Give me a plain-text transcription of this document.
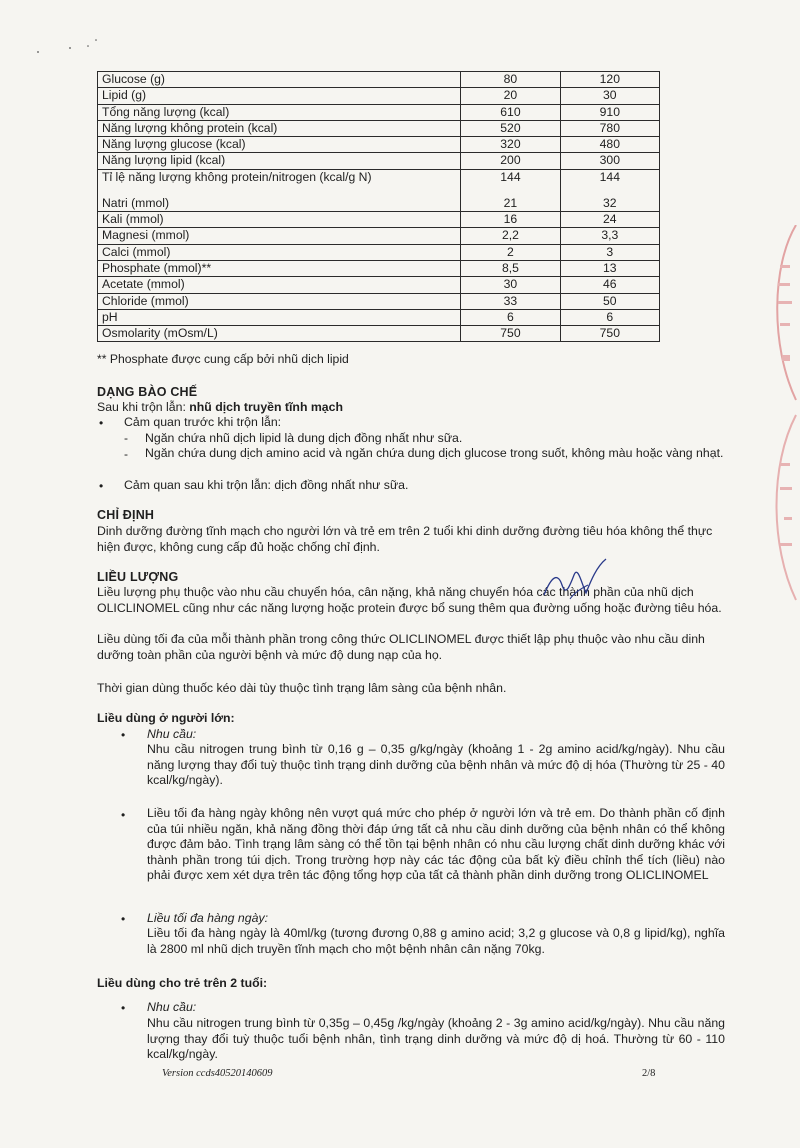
Glucose (g)	80	120
Lipid (g)	20	30
Tổng năng lượng (kcal)	610	910
Năng lượng không protein (kcal)	520	780
Năng lượng glucose (kcal)	320	480
Năng lượng lipid (kcal)	200	300
Tỉ lệ năng lượng không protein/nitrogen (kcal/g N)	144	144
Natri (mmol)	21	32
Kali (mmol)	16	24
Magnesi (mmol)	2,2	3,3
Calci (mmol)	2	3
Phosphate (mmol)**	8,5	13
Acetate (mmol)	30	46
Chloride (mmol)	33	50
pH	6	6
Osmolarity (mOsm/L)	750	750
** Phosphate được cung cấp bởi nhũ dịch lipid
DẠNG BÀO CHẾ
Sau khi trộn lẫn: nhũ dịch truyền tĩnh mạch
• Cảm quan trước khi trộn lẫn:
- Ngăn chứa nhũ dịch lipid là dung dịch đồng nhất như sữa.
- Ngăn chứa dung dịch amino acid và ngăn chứa dung dịch glucose trong suốt, không màu hoặc vàng nhạt.
• Cảm quan sau khi trộn lẫn: dịch đồng nhất như sữa.
CHỈ ĐỊNH
Dinh dưỡng đường tĩnh mạch cho người lớn và trẻ em trên 2 tuổi khi dinh dưỡng đường tiêu hóa không thể thực hiện được, không cung cấp đủ hoặc chống chỉ định.
LIỀU LƯỢNG
Liều lượng phụ thuộc vào nhu cầu chuyển hóa, cân nặng, khả năng chuyển hóa các thành phần của nhũ dịch OLICLINOMEL cũng như các năng lượng hoặc protein được bổ sung thêm qua đường uống hoặc đường tiêu hóa.
Liều dùng tối đa của mỗi thành phần trong công thức OLICLINOMEL được thiết lập phụ thuộc vào nhu cầu dinh dưỡng toàn phần của người bệnh và mức độ dung nạp của họ.
Thời gian dùng thuốc kéo dài tùy thuộc tình trạng lâm sàng của bệnh nhân.
Liều dùng ở người lớn:
• Nhu cầu:
Nhu cầu nitrogen trung bình từ 0,16 g – 0,35 g/kg/ngày (khoảng 1 - 2g amino acid/kg/ngày). Nhu cầu năng lượng thay đổi tuỳ thuộc tình trạng dinh dưỡng của bệnh nhân và mức độ dị hóa (Thường từ 25 - 40 kcal/kg/ngày).
• Liều tối đa hàng ngày không nên vượt quá mức cho phép ở người lớn và trẻ em. Do thành phần cố định của túi nhiều ngăn, khả năng đồng thời đáp ứng tất cả nhu cầu dinh dưỡng của bệnh nhân có thể không được đảm bảo. Tình trạng lâm sàng có thể tồn tại bệnh nhân có nhu cầu lượng chất dinh dưỡng khác với thành phần trong túi dịch. Trong trường hợp này các tác động của bất kỳ điều chỉnh thể tích (liều) nào phải được xem xét dựa trên tác động tổng hợp của tất cả thành phần dinh dưỡng trong OLICLINOMEL
• Liều tối đa hàng ngày:
Liều tối đa hàng ngày là 40ml/kg (tương đương 0,88 g amino acid; 3,2 g glucose và 0,8 g lipid/kg), nghĩa là 2800 ml nhũ dịch truyền tĩnh mạch cho một bệnh nhân cân nặng 70kg.
Liều dùng cho trẻ trên 2 tuổi:
• Nhu cầu:
Nhu cầu nitrogen trung bình từ 0,35g – 0,45g /kg/ngày (khoảng 2 - 3g amino acid/kg/ngày). Nhu cầu năng lượng thay đổi tuỳ thuộc tuổi bệnh nhân, tình trạng dinh dưỡng và mức độ dị hoá. Thường từ 60 - 110 kcal/kg/ngày.
Version ccds40520140609	2/8
